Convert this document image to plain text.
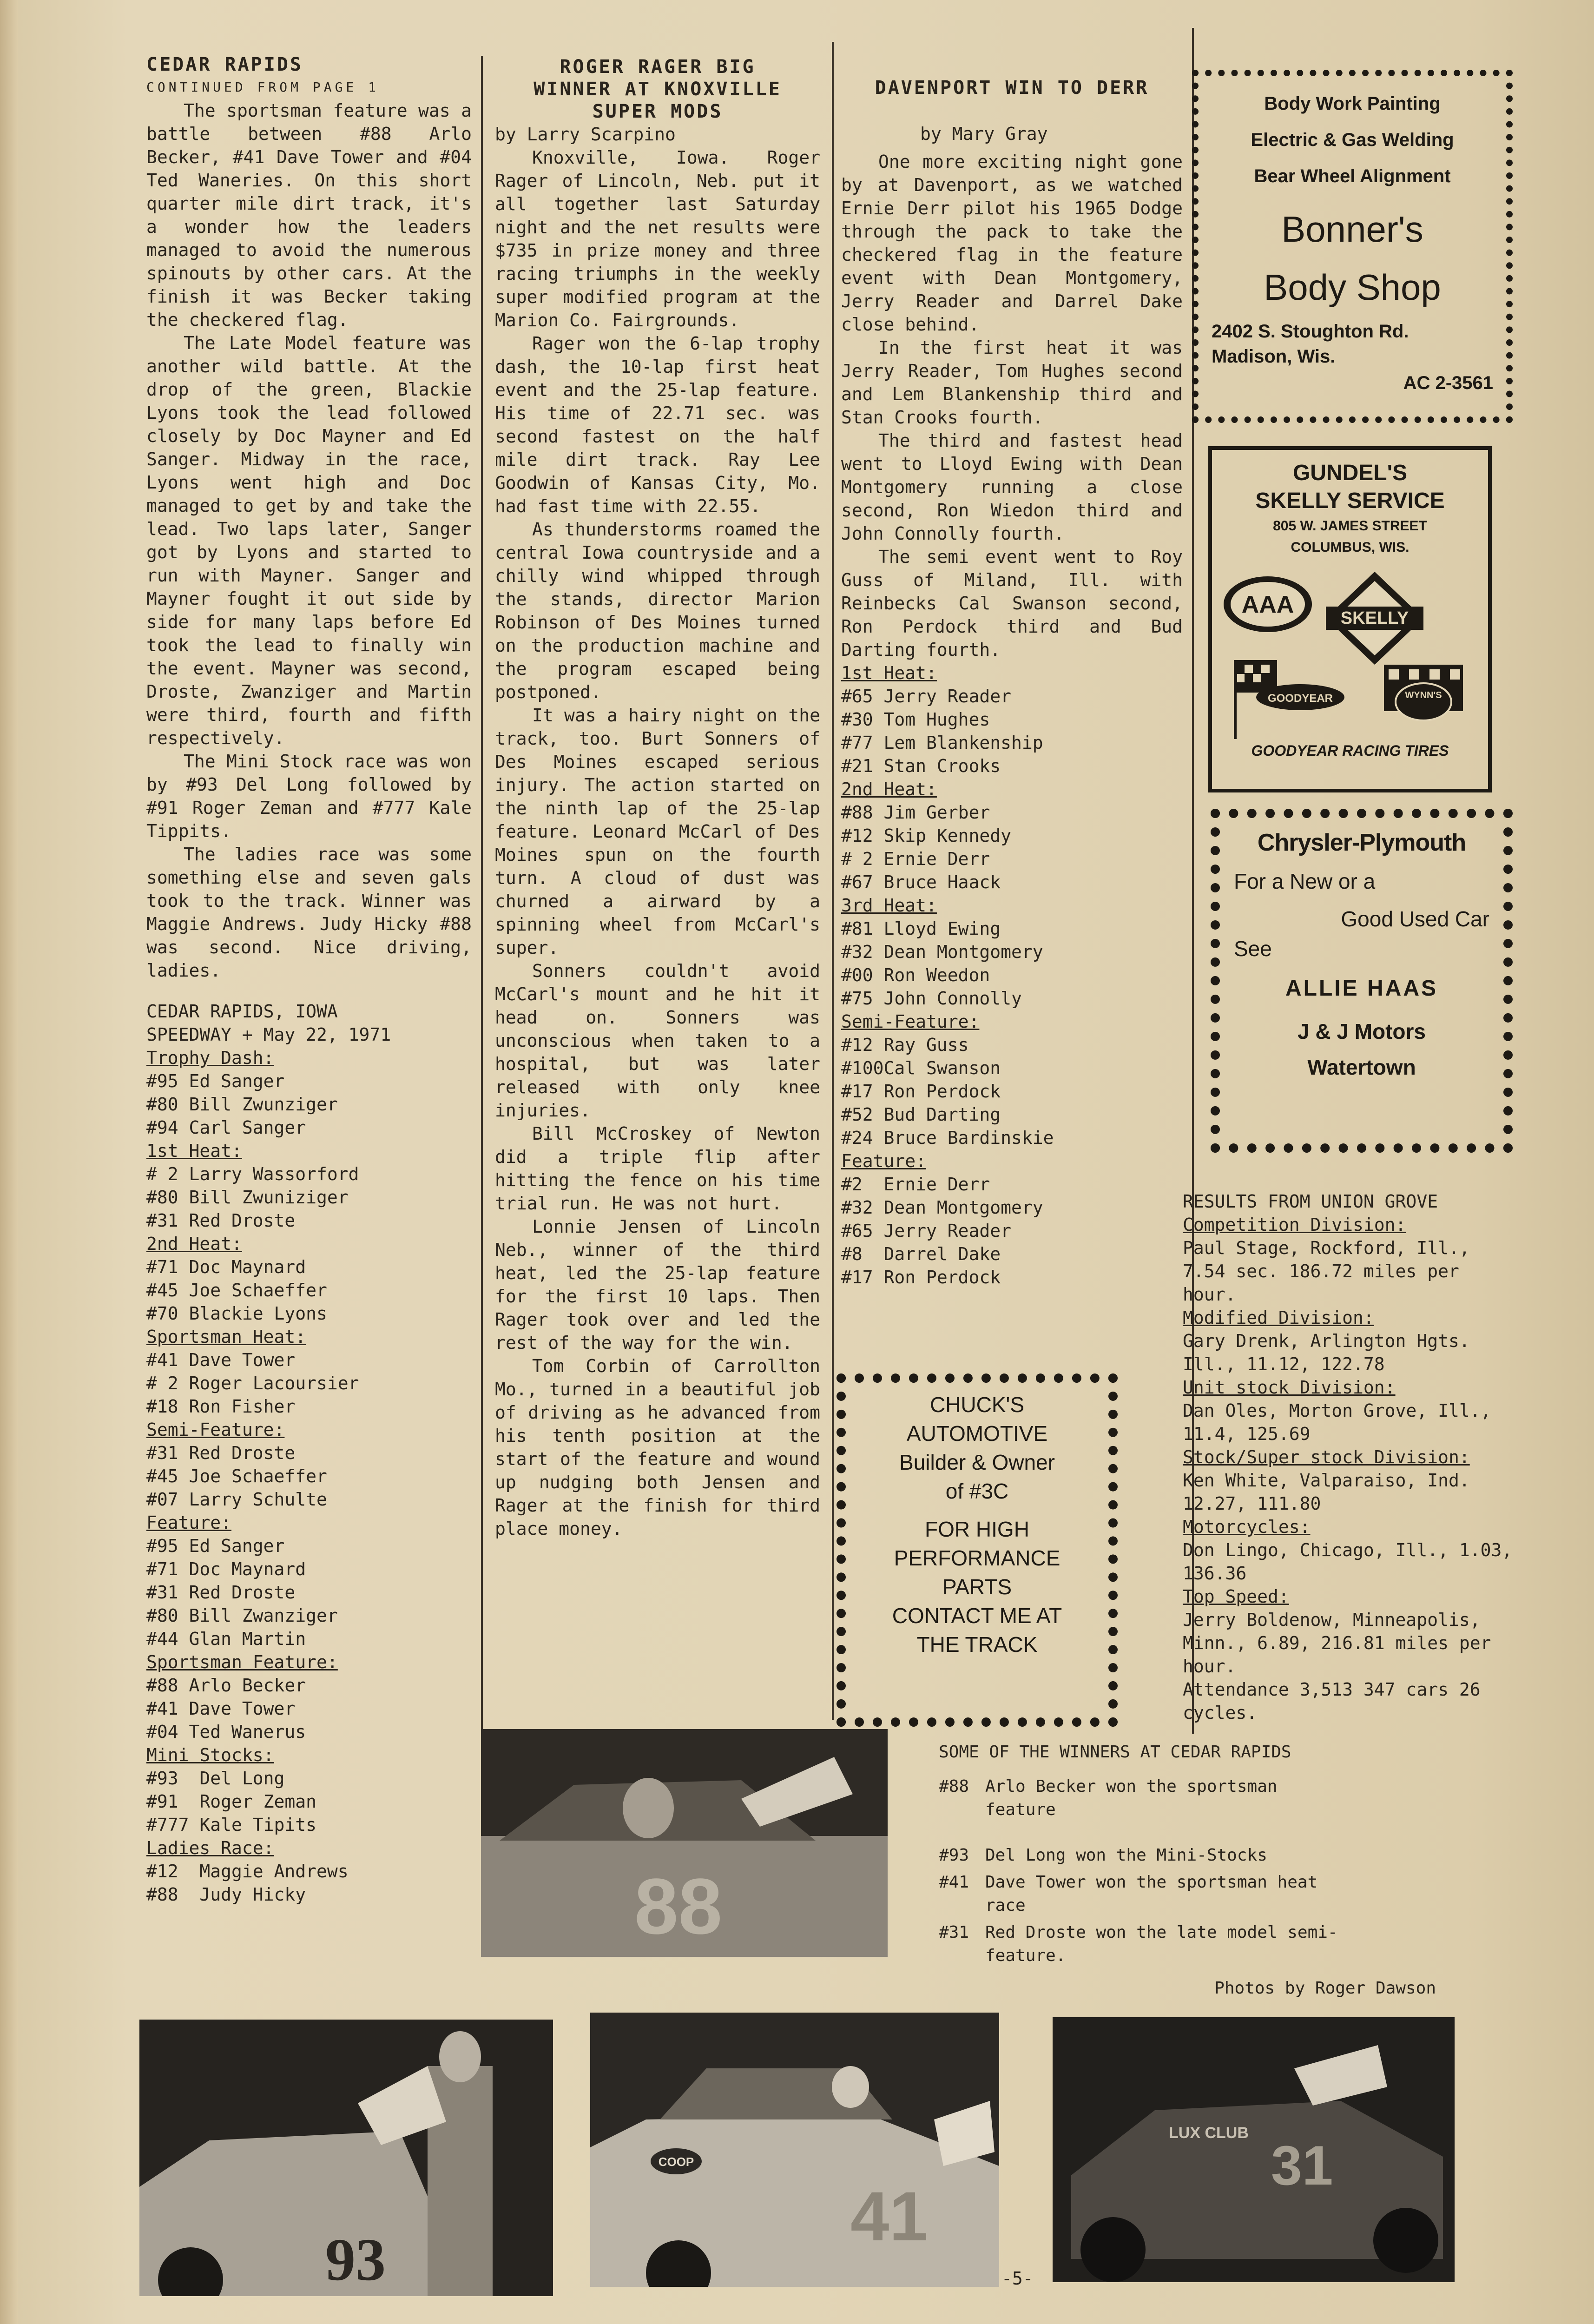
CEDAR RAPIDS

CONTINUED FROM PAGE 1

The sportsman feature was a battle between #88 Arlo Becker, #41 Dave Tower and #04 Ted Waneries. On this short quarter mile dirt track, it's a wonder how the leaders managed to avoid the numerous spinouts by other cars. At the finish it was Becker taking the checkered flag.

The Late Model feature was another wild battle. At the drop of the green, Blackie Lyons took the lead followed closely by Doc Mayner and Ed Sanger. Midway in the race, Lyons went high and Doc managed to get by and take the lead. Two laps later, Sanger got by Lyons and started to run with Mayner. Sanger and Mayner fought it out side by side for many laps before Ed took the lead to finally win the event. Mayner was second, Droste, Zwanziger and Martin were third, fourth and fifth respectively.

The Mini Stock race was won by #93 Del Long followed by #91 Roger Zeman and #777 Kale Tippits.

The ladies race was some something else and seven gals took to the track. Winner was Maggie Andrews. Judy Hicky #88 was second. Nice driving, ladies.

CEDAR RAPIDS, IOWA
SPEEDWAY + May 22, 1971
Trophy Dash:
#95 Ed Sanger
#80 Bill Zwunziger
#94 Carl Sanger
1st Heat:
# 2 Larry Wassorford
#80 Bill Zwuniziger
#31 Red Droste
2nd Heat:
#71 Doc Maynard
#45 Joe Schaeffer
#70 Blackie Lyons
Sportsman Heat:
#41 Dave Tower
# 2 Roger Lacoursier
#18 Ron Fisher
Semi-Feature:
#31 Red Droste
#45 Joe Schaeffer
#07 Larry Schulte
Feature:
#95 Ed Sanger
#71 Doc Maynard
#31 Red Droste
#80 Bill Zwanziger
#44 Glan Martin
Sportsman Feature:
#88 Arlo Becker
#41 Dave Tower
#04 Ted Wanerus
Mini Stocks:
#93  Del Long
#91  Roger Zeman
#777 Kale Tipits
Ladies Race:
#12  Maggie Andrews
#88  Judy Hicky

ROGER RAGER BIG

WINNER AT KNOXVILLE

SUPER MODS

by Larry Scarpino

Knoxville, Iowa. Roger Rager of Lincoln, Neb. put it all together last Saturday night and the net results were $735 in prize money and three racing triumphs in the weekly super modified program at the Marion Co. Fairgrounds.

Rager won the 6-lap trophy dash, the 10-lap first heat event and the 25-lap feature. His time of 22.71 sec. was second fastest on the half mile dirt track. Ray Lee Goodwin of Kansas City, Mo. had fast time with 22.55.

As thunderstorms roamed the central Iowa countryside and a chilly wind whipped through the stands, director Marion Robinson of Des Moines turned on the production machine and the program escaped being postponed.

It was a hairy night on the track, too. Burt Sonners of Des Moines escaped serious injury. The action started on the ninth lap of the 25-lap feature. Leonard McCarl of Des Moines spun on the fourth turn. A cloud of dust was churned a airward by a spinning wheel from McCarl's super.

Sonners couldn't avoid McCarl's mount and he hit it head on. Sonners was unconscious when taken to a hospital, but was later released with only knee injuries.

Bill McCroskey of Newton did a triple flip after hitting the fence on his time trial run. He was not hurt.

Lonnie Jensen of Lincoln Neb., winner of the third heat, led the 25-lap feature for the first 10 laps. Then Rager took over and led the rest of the way for the win.

Tom Corbin of Carrollton Mo., turned in a beautiful job of driving as he advanced from his tenth position at the start of the feature and wound up nudging both Jensen and Rager at the finish for third place money.

DAVENPORT WIN TO DERR

by Mary Gray

One more exciting night gone by at Davenport, as we watched Ernie Derr pilot his 1965 Dodge through the pack to take the checkered flag in the feature event with Dean Montgomery, Jerry Reader and Darrel Dake close behind.

In the first heat it was Jerry Reader, Tom Hughes second and Lem Blankenship third and Stan Crooks fourth.

The third and fastest head went to Lloyd Ewing with Dean Montgomery running a close second, Ron Wiedon third and John Connolly fourth.

The semi event went to Roy Guss of Miland, Ill. with Reinbecks Cal Swanson second, Ron Perdock third and Bud Darting fourth.

1st Heat:
#65 Jerry Reader
#30 Tom Hughes
#77 Lem Blankenship
#21 Stan Crooks
2nd Heat:
#88 Jim Gerber
#12 Skip Kennedy
# 2 Ernie Derr
#67 Bruce Haack
3rd Heat:
#81 Lloyd Ewing
#32 Dean Montgomery
#00 Ron Weedon
#75 John Connolly
Semi-Feature:
#12 Ray Guss
#100Cal Swanson
#17 Ron Perdock
#52 Bud Darting
#24 Bruce Bardinskie
Feature:
#2  Ernie Derr
#32 Dean Montgomery
#65 Jerry Reader
#8  Darrel Dake
#17 Ron Perdock
Body Work Painting
Electric & Gas Welding
Bear Wheel Alignment
Bonner's
Body Shop
2402 S. Stoughton Rd.
Madison, Wis.
AC 2-3561
GUNDEL'S
SKELLY SERVICE
805 W. JAMES STREET
COLUMBUS, WIS.
AAA	SKELLY
GOODYEAR	WYNN'S
GOODYEAR RACING TIRES
Chrysler-Plymouth
For a New or a
Good Used Car
See
ALLIE HAAS
J & J Motors
Watertown
CHUCK'S
AUTOMOTIVE
Builder & Owner
of #3C
FOR HIGH
PERFORMANCE
PARTS
CONTACT ME AT
THE TRACK
RESULTS FROM UNION GROVE
Competition Division:
Paul Stage, Rockford, Ill., 7.54 sec. 186.72 miles per hour.
Modified Division:
Gary Drenk, Arlington Hgts. Ill., 11.12, 122.78
Unit stock Division:
Dan Oles, Morton Grove, Ill., 11.4, 125.69
Stock/Super stock Division:
Ken White, Valparaiso, Ind. 12.27, 111.80
Motorcycles:
Don Lingo, Chicago, Ill., 1.03, 136.36
Top Speed:
Jerry Boldenow, Minneapolis, Minn., 6.89, 216.81 miles per hour.
Attendance 3,513 347 cars 26 cycles.
88
SOME OF THE WINNERS AT CEDAR RAPIDS
#88 Arlo Becker won the sportsman feature
#93 Del Long won the Mini-Stocks
#41 Dave Tower won the sportsman heat race
#31 Red Droste won the late model semi-feature.
Photos by Roger Dawson
93
COOP
41
LUX CLUB
31
-5-
